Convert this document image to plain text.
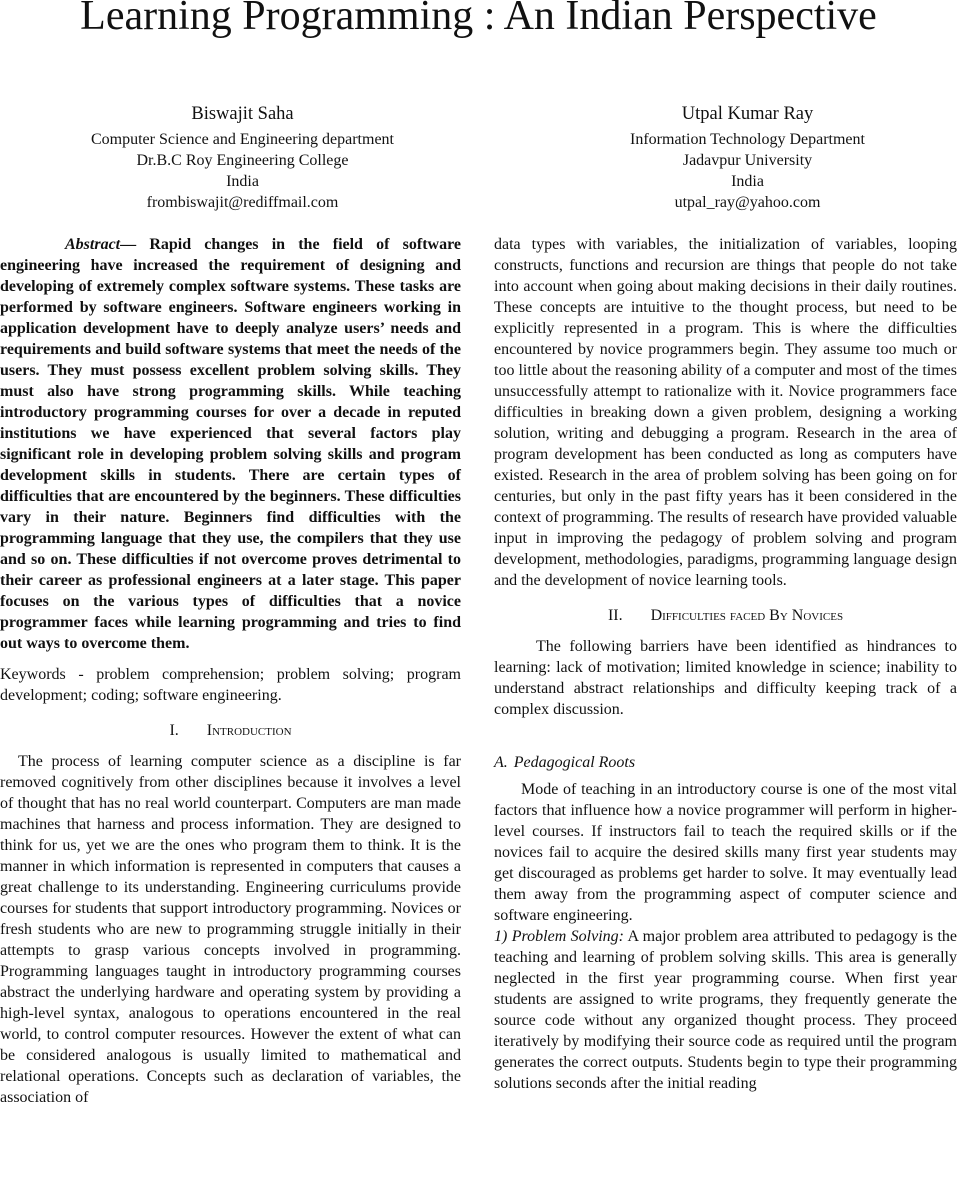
Learning Programming : An Indian Perspective
Biswajit Saha
Computer Science and Engineering department
Dr.B.C Roy Engineering College
India
frombiswajit@rediffmail.com
Utpal Kumar Ray
Information Technology Department
Jadavpur University
India
utpal_ray@yahoo.com

Abstract— Rapid changes in the field of software engineering have increased the requirement of designing and developing of extremely complex software systems. These tasks are performed by software engineers. Software engineers working in application development have to deeply analyze users’ needs and requirements and build software systems that meet the needs of the users. They must possess excellent problem solving skills. They must also have strong programming skills. While teaching introductory programming courses for over a decade in reputed institutions we have experienced that several factors play significant role in developing problem solving skills and program development skills in students. There are certain types of difficulties that are encountered by the beginners. These difficulties vary in their nature. Beginners find difficulties with the programming language that they use, the compilers that they use and so on. These difficulties if not overcome proves detrimental to their career as professional engineers at a later stage. This paper focuses on the various types of difficulties that a novice programmer faces while learning programming and tries to find out ways to overcome them.

Keywords - problem comprehension; problem solving; program development; coding; software engineering.

I. Introduction

The process of learning computer science as a discipline is far removed cognitively from other disciplines because it involves a level of thought that has no real world counterpart. Computers are man made machines that harness and process information. They are designed to think for us, yet we are the ones who program them to think. It is the manner in which information is represented in computers that causes a great challenge to its understanding. Engineering curriculums provide courses for students that support introductory programming. Novices or fresh students who are new to programming struggle initially in their attempts to grasp various concepts involved in programming. Programming languages taught in introductory programming courses abstract the underlying hardware and operating system by providing a high-level syntax, analogous to operations encountered in the real world, to control computer resources. However the extent of what can be considered analogous is usually limited to mathematical and relational operations. Concepts such as declaration of variables, the association of

data types with variables, the initialization of variables, looping constructs, functions and recursion are things that people do not take into account when going about making decisions in their daily routines. These concepts are intuitive to the thought process, but need to be explicitly represented in a program. This is where the difficulties encountered by novice programmers begin. They assume too much or too little about the reasoning ability of a computer and most of the times unsuccessfully attempt to rationalize with it. Novice programmers face difficulties in breaking down a given problem, designing a working solution, writing and debugging a program. Research in the area of program development has been conducted as long as computers have existed. Research in the area of problem solving has been going on for centuries, but only in the past fifty years has it been considered in the context of programming. The results of research have provided valuable input in improving the pedagogy of problem solving and program development, methodologies, paradigms, programming language design and the development of novice learning tools.

II. Difficulties faced By Novices

The following barriers have been identified as hindrances to learning: lack of motivation; limited knowledge in science; inability to understand abstract relationships and difficulty keeping track of a complex discussion.

A. Pedagogical Roots

Mode of teaching in an introductory course is one of the most vital factors that influence how a novice programmer will perform in higher-level courses. If instructors fail to teach the required skills or if the novices fail to acquire the desired skills many first year students may get discouraged as problems get harder to solve. It may eventually lead them away from the programming aspect of computer science and software engineering.

1) Problem Solving: A major problem area attributed to pedagogy is the teaching and learning of problem solving skills. This area is generally neglected in the first year programming course. When first year students are assigned to write programs, they frequently generate the source code without any organized thought process. They proceed iteratively by modifying their source code as required until the program generates the correct outputs. Students begin to type their programming solutions seconds after the initial reading
